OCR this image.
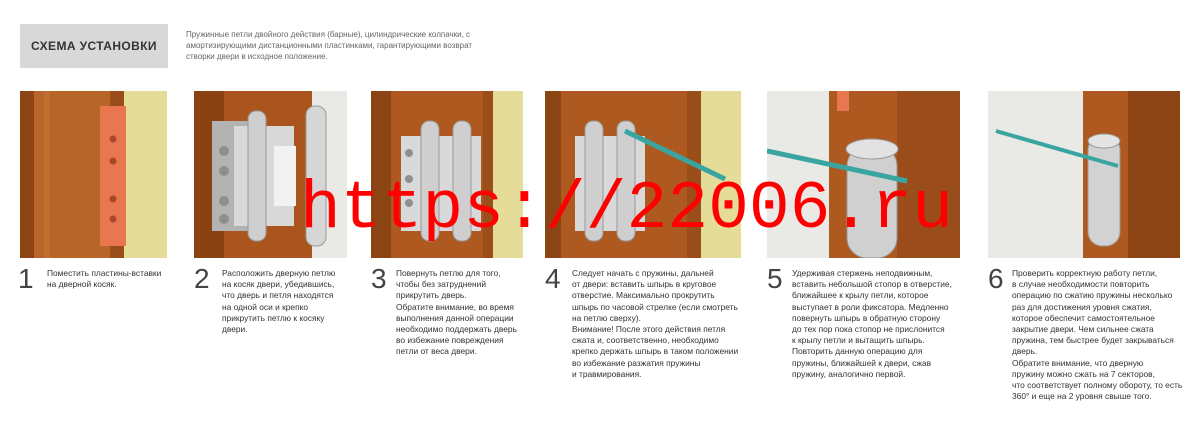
СХЕМА УСТАНОВКИ
Пружинные петли двойного действия (барные), цилиндрические колпачки, с амортизирующими дистанционными пластинками, гарантирующими возврат створки двери в исходное положение.
1 Поместить пластины-вставки
на дверной косяк.	2 Расположить дверную петлю
на косяк двери, убедившись,
что дверь и петля находятся
на одной оси и крепко
прикрутить петлю к косяку
двери.
3 Повернуть петлю для того,
чтобы без затруднений
прикрутить дверь.
Обратите внимание, во время
выполнения данной операции
необходимо поддержать дверь
во избежание повреждения
петли от веса двери.
4 Следует начать с пружины, дальней
от двери: вставить шпырь в круговое
отверстие. Максимально прокрутить
шпырь по часовой стрелке (если смотреть
на петлю сверху).
Внимание! После этого действия петля
сжата и, соответственно, необходимо
крепко держать шпырь в таком положении
во избежание разжатия пружины
и травмирования.
5 Удерживая стержень неподвижным,
вставить небольшой стопор в отверстие,
ближайшее к крылу петли, которое
выступает в роли фиксатора. Медленно
повернуть шпырь в обратную сторону
до тех пор пока стопор не прислонится
к крылу петли и вытащить шпырь.
Повторить данную операцию для
пружины, ближайшей к двери, сжав
пружину, аналогично первой.
6 Проверить корректную работу петли,
в случае необходимости повторить
операцию по сжатию пружины несколько
раз для достижения уровня сжатия,
которое обеспечит самостоятельное
закрытие двери. Чем сильнее сжата
пружина, тем быстрее будет закрываться
дверь.
Обратите внимание, что дверную
пружину можно сжать на 7 секторов,
что соответствует полному обороту, то есть
360° и еще на 2 уровня свыше того.
https://22006.ru
